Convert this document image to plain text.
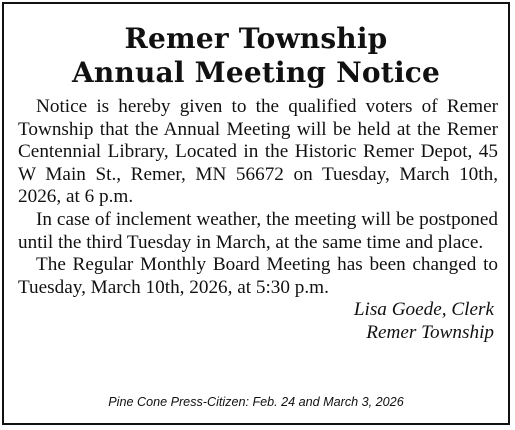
Remer Township
Annual Meeting Notice

Notice is hereby given to the qualified voters of Remer Township that the Annual Meeting will be held at the Remer Centennial Library, Located in the Historic Remer Depot, 45 W Main St., Remer, MN 56672 on Tuesday, March 10th, 2026, at 6 p.m.

In case of inclement weather, the meeting will be postponed until the third Tuesday in March, at the same time and place.

The Regular Monthly Board Meeting has been changed to Tuesday, March 10th, 2026, at 5:30 p.m.

Lisa Goede, Clerk

Remer Township

Pine Cone Press-Citizen: Feb. 24 and March 3, 2026
